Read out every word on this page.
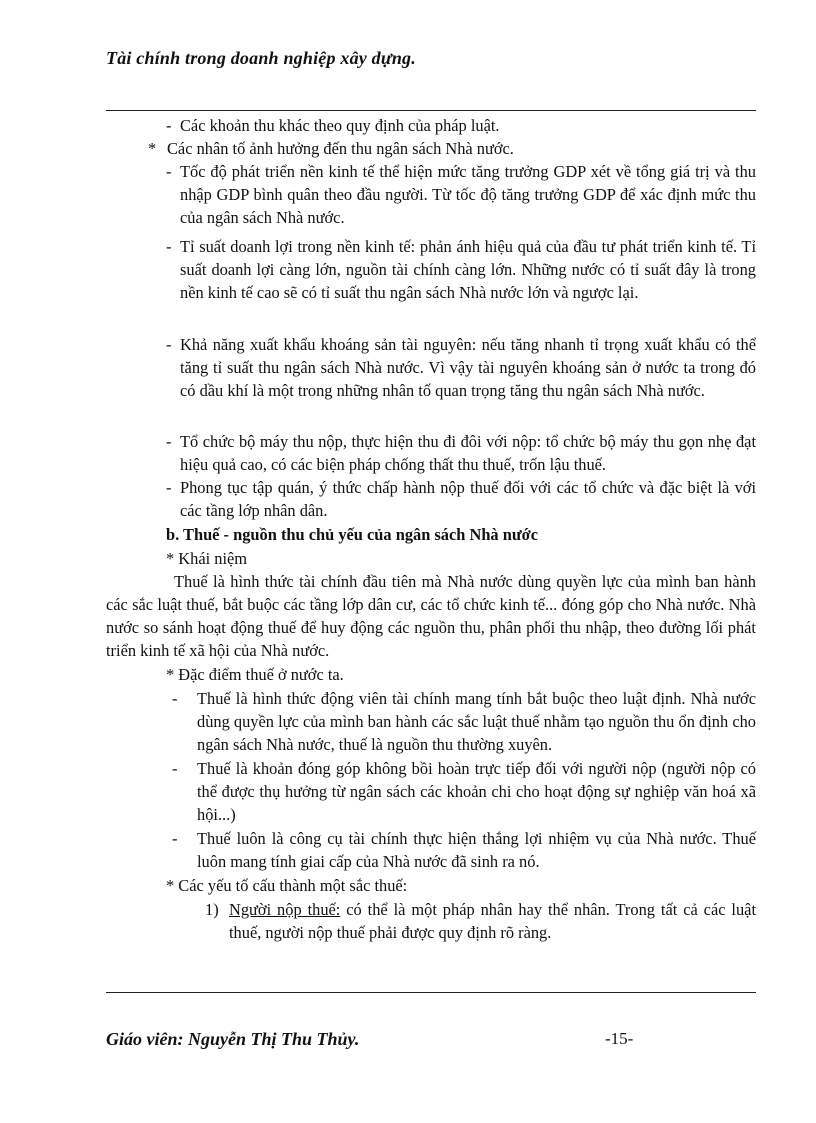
Tài chính trong doanh nghiệp xây dựng.
- Các khoản thu khác theo quy định của pháp luật.
* Các nhân tố ảnh hưởng đến thu ngân sách Nhà nước.
- Tốc độ phát triển nền kinh tế thể hiện mức tăng trưởng GDP xét về tổng giá trị và thu nhập GDP bình quân theo đầu người. Từ tốc độ tăng trưởng GDP để xác định mức thu của ngân sách Nhà nước.
- Tỉ suất doanh lợi trong nền kinh tế: phản ánh hiệu quả của đầu tư phát triển kinh tế. Tỉ suất doanh lợi càng lớn, nguồn tài chính càng lớn. Những nước có tỉ suất đây là trong nền kinh tế cao sẽ có tỉ suất thu ngân sách Nhà nước lớn và ngược lại.
- Khả năng xuất khẩu khoáng sản tài nguyên: nếu tăng nhanh tỉ trọng xuất khẩu có thể tăng tỉ suất thu ngân sách Nhà nước. Vì vậy tài nguyên khoáng sản ở nước ta trong đó có dầu khí là một trong những nhân tố quan trọng tăng thu ngân sách Nhà nước.
- Tổ chức bộ máy thu nộp, thực hiện thu đi đôi với nộp: tổ chức bộ máy thu gọn nhẹ đạt hiệu quả cao, có các biện pháp chống thất thu thuế, trốn lậu thuế.
- Phong tục tập quán, ý thức chấp hành nộp thuế đối với các tổ chức và đặc biệt là với các tầng lớp nhân dân.
b. Thuế - nguồn thu chủ yếu của ngân sách Nhà nước
* Khái niệm
Thuế là hình thức tài chính đầu tiên mà Nhà nước dùng quyền lực của mình ban hành các sắc luật thuế, bắt buộc các tầng lớp dân cư, các tổ chức kinh tế... đóng góp cho Nhà nước. Nhà nước so sánh hoạt động thuế để huy động các nguồn thu, phân phối thu nhập, theo đường lối phát triển kinh tế xã hội của Nhà nước.
* Đặc điểm thuế ở nước ta.
- Thuế là hình thức động viên tài chính mang tính bắt buộc theo luật định. Nhà nước dùng quyền lực của mình ban hành các sắc luật thuế nhằm tạo nguồn thu ổn định cho ngân sách Nhà nước, thuế là nguồn thu thường xuyên.
- Thuế là khoản đóng góp không bồi hoàn trực tiếp đối với người nộp (người nộp có thể được thụ hưởng từ ngân sách các khoản chi cho hoạt động sự nghiệp văn hoá xã hội...)
- Thuế luôn là công cụ tài chính thực hiện thắng lợi nhiệm vụ của Nhà nước. Thuế luôn mang tính giai cấp của Nhà nước đã sinh ra nó.
* Các yếu tố cấu thành một sắc thuế:
1) Người nộp thuế: có thể là một pháp nhân hay thể nhân. Trong tất cả các luật thuế, người nộp thuế phải được quy định rõ ràng.
Giáo viên: Nguyễn Thị Thu Thủy.	-15-
